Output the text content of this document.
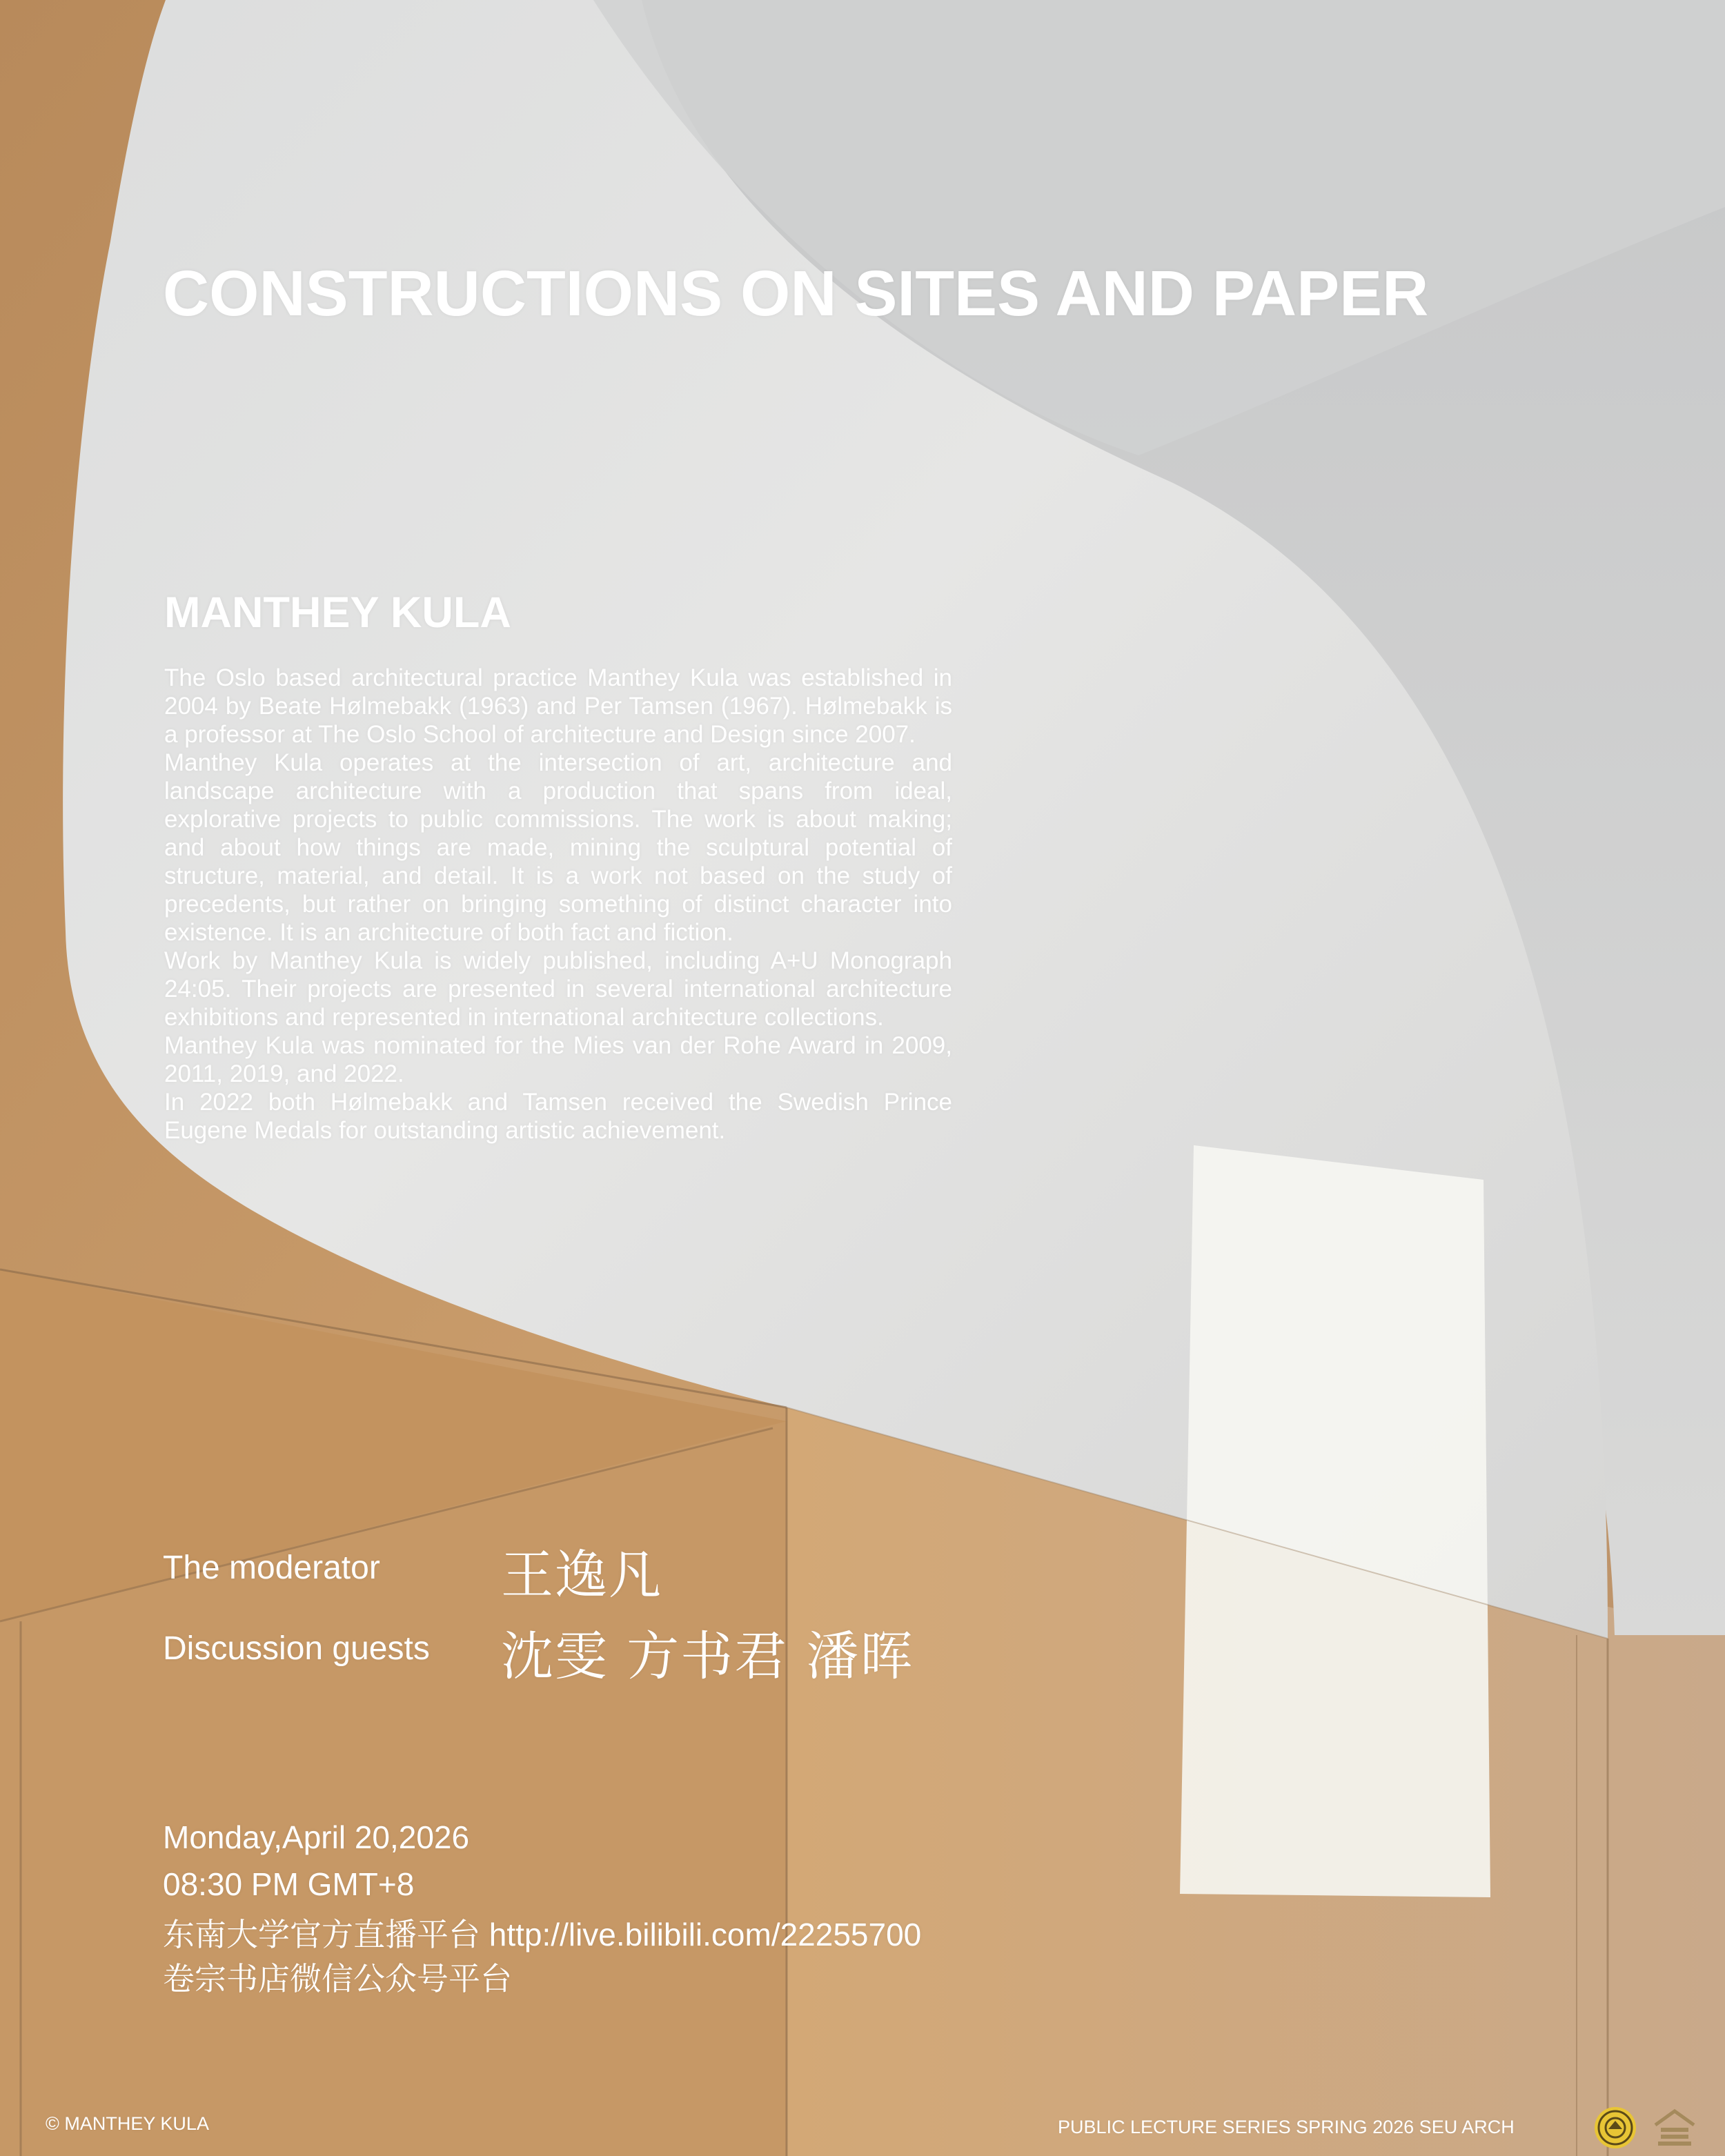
CONSTRUCTIONS ON SITES AND PAPER
MANTHEY KULA

The Oslo based architectural practice Manthey Kula was established in 2004 by Beate Hølmebakk (1963) and Per Tamsen (1967). Hølmebakk is a professor at The Oslo School of architecture and Design since 2007.

Manthey Kula operates at the intersection of art, architecture and landscape architecture with a production that spans from ideal, explorative projects to public commissions. The work is about making; and about how things are made, mining the sculptural potential of structure, material, and detail. It is a work not based on the study of precedents, but rather on bringing something of distinct character into existence. It is an architecture of both fact and fiction.

Work by Manthey Kula is widely published, including A+U Monograph 24:05. Their projects are presented in several international architecture exhibitions and represented in international architecture collections.

Manthey Kula was nominated for the Mies van der Rohe Award in 2009, 2011, 2019, and 2022.

In 2022 both Hølmebakk and Tamsen received the Swedish Prince Eugene Medals for outstanding artistic achievement.

The moderator 王逸凡
Discussion guests 沈雯 方书君 潘晖
Monday,April 20,2026
08:30 PM GMT+8
东南大学官方直播平台 http://live.bilibili.com/22255700
卷宗书店微信公众号平台
© MANTHEY KULA	PUBLIC LECTURE SERIES SPRING 2026 SEU ARCH
